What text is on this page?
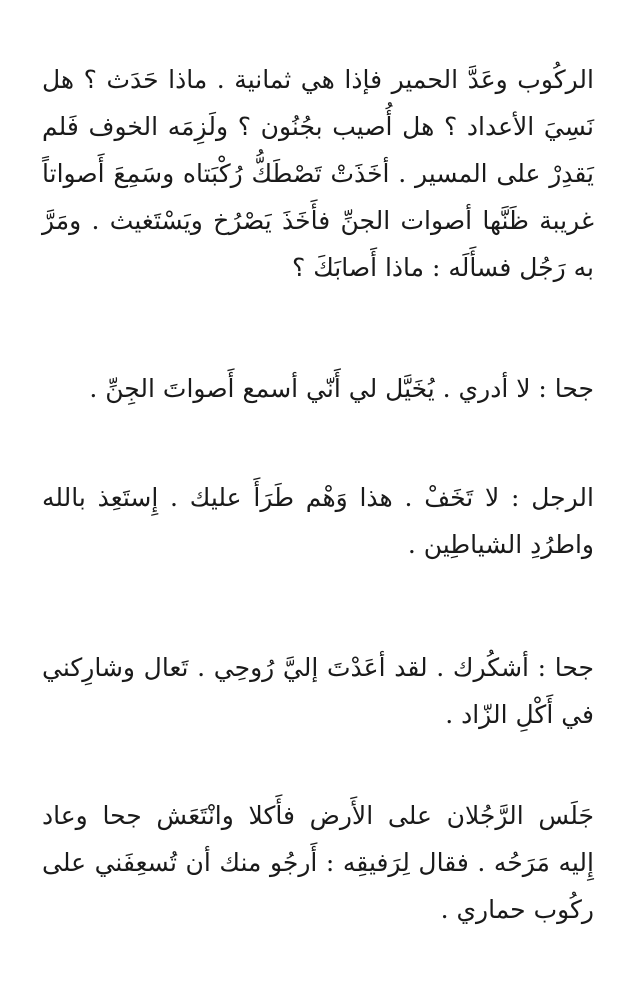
الركُوب وعَدَّ الحمير فإذا هي ثمانية . ماذا حَدَث ؟ هل
نَسِيَ الأعداد ؟ هل أُصيب بجُنُون ؟ ولَزِمَه الخوف فَلم
يَقدِرْ على المسير . أخَذَتْ تَصْطَكُّ رُكْبَتاه وسَمِعَ أَصواتاً
غريبة ظَنَّها أصوات الجنِّ فأَخَذَ يَصْرُخ ويَسْتَغيث . ومَرَّ
به رَجُل فسأَلَه : ماذا أَصابَكَ ؟

جحا : لا أدري . يُخَيَّل لي أَنّي أسمع أَصواتَ الجِنِّ .

الرجل : لا تَخَفْ . هذا وَهْم طَرَأَ عليك . إِستَعِذ بالله
واطرُدِ الشياطِين .

جحا : أشكُرك . لقد أعَدْتَ إليَّ رُوحِي . تَعال وشارِكني
في أَكْلِ الزّاد .

جَلَس الرَّجُلان على الأَرض فأَكلا وانْتَعَش جحا وعاد
إِليه مَرَحُه . فقال لِرَفيقِه : أَرجُو منك أن تُسعِفَني على
ركُوب حماري .
